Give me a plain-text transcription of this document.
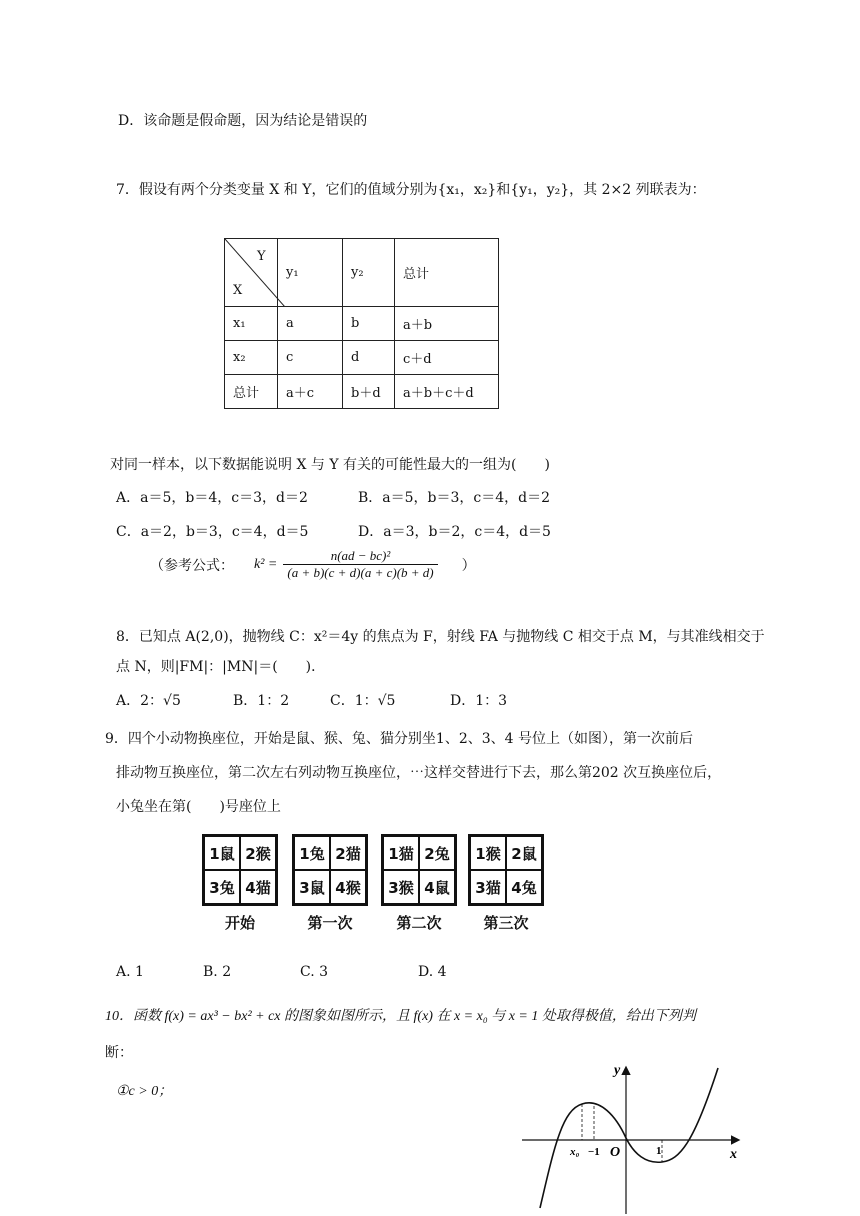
D．该命题是假命题，因为结论是错误的
7．假设有两个分类变量 X 和 Y，它们的值域分别为{x₁，x₂}和{y₁，y₂}，其 2×2 列联表为：
Y
X	y₁	y₂	总计
x₁	a	b	a＋b
x₂	c	d	c＋d
总计	a＋c	b＋d	a＋b＋c＋d
对同一样本，以下数据能说明 X 与 Y 有关的可能性最大的一组为(　　)
A．a＝5，b＝4，c＝3，d＝2	B．a＝5，b＝3，c＝4，d＝2
C．a＝2，b＝3，c＝4，d＝5	D．a＝3，b＝2，c＝4，d＝5
（参考公式： $k^2 = \frac{\text{n(ad − bc)²}}{(a + b)(c + d)(a + c)(b + d)}$ ）
8．已知点 A(2,0)，抛物线 C：x²＝4y 的焦点为 F，射线 FA 与抛物线 C 相交于点 M，与其准线相交于
点 N，则|FM|：|MN|＝(　　)．
A．2：√5	B．1：2	C．1：√5	D．1：3
9．四个小动物换座位，开始是鼠、猴、兔、猫分别坐1、2、3、4 号位上（如图），第一次前后
排动物互换座位，第二次左右列动物互换座位，⋯这样交替进行下去，那么第202 次互换座位后，
小兔坐在第(　　)号座位上
1鼠 2猴
3兔 4猫
开始
1兔 2猫
3鼠 4猴
第一次
1猫 2兔
3猴 4鼠
第二次
1猴 2鼠
3猫 4兔
第三次
A. 1	B. 2	C. 3	D. 4
10．函数 f(x) = ax³ − bx² + cx 的图象如图所示，且 f(x) 在 x = x₀ 与 x = 1 处取得极值，给出下列判
断：
①c > 0；
y
x
O
x₀ −1	1
